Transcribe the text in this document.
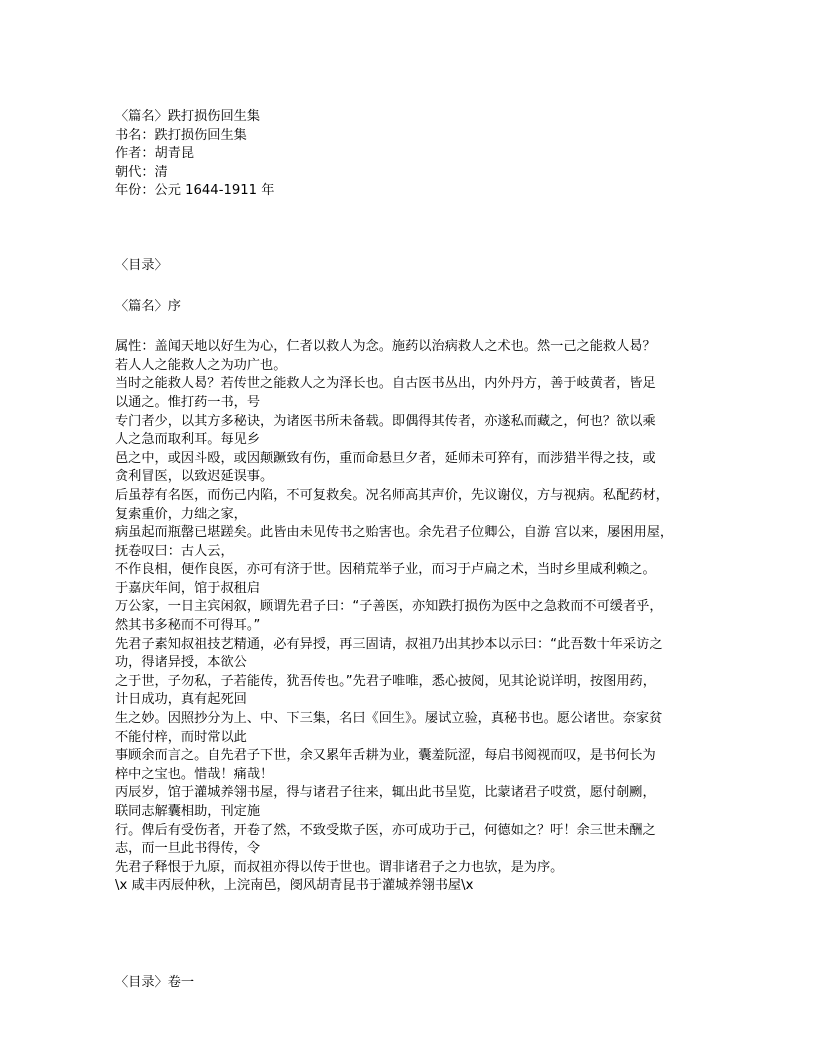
〈篇名〉跌打损伤回生集
书名：跌打损伤回生集
作者：胡青昆
朝代：清
年份：公元 1644-1911 年
〈目录〉
〈篇名〉序
属性：盖闻天地以好生为心，仁者以救人为念。施药以治病救人之术也。然一己之能救人曷？
若人人之能救人之为功广也。
当时之能救人曷？若传世之能救人之为泽长也。自古医书丛出，内外丹方，善于岐黄者，皆足
以通之。惟打药一书，号
专门者少，以其方多秘诀，为诸医书所未备载。即偶得其传者，亦遂私而藏之，何也？欲以乘
人之急而取利耳。每见乡
邑之中，或因斗殴，或因颠蹶致有伤，重而命悬旦夕者，延师未可猝有，而涉猎半得之技，或
贪利冒医，以致迟延误事。
后虽荐有名医，而伤己内陷，不可复救矣。况名师高其声价，先议谢仪，方与视病。私配药材，
复索重价，力绌之家，
病虽起而瓶罄已堪蹉矣。此皆由未见传书之贻害也。余先君子位卿公，自游 宫以来，屡困用屋，
抚卷叹曰：古人云，
不作良相，便作良医，亦可有济于世。因稍荒举子业，而习于卢扁之术，当时乡里咸利赖之。
于嘉庆年间，馆于叔租启
万公家，一日主宾闲叙，顾谓先君子曰：“子善医，亦知跌打损伤为医中之急救而不可缓者乎，
然其书多秘而不可得耳。”
先君子素知叔祖技艺精通，必有异授，再三固请，叔祖乃出其抄本以示曰：“此吾数十年采访之
功，得诸异授，本欲公
之于世，子勿私，子若能传，犹吾传也。”先君子唯唯，悉心披阅，见其论说详明，按图用药，
计日成功，真有起死回
生之妙。因照抄分为上、中、下三集，名曰《回生》。屡试立验，真秘书也。愿公诸世。奈家贫
不能付梓，而时常以此
事顾余而言之。自先君子下世，余又累年舌耕为业，囊羞阮涩，每启书阅视而叹，是书何长为
梓中之宝也。惜哉！痛哉！
丙辰岁，馆于灌城养翎书屋，得与诸君子往来，辄出此书呈览，比蒙诸君子哎赏，愿付剞劂，
联同志解囊相助，刊定施
行。俾后有受伤者，开卷了然，不致受欺子医，亦可成功于己，何德如之？吁！余三世未酬之
志，而一旦此书得传，令
先君子释恨于九原，而叔祖亦得以传于世也。谓非诸君子之力也欤，是为序。
\x 咸丰丙辰仲秋，上浣南邑，阌风胡青昆书于灌城养翎书屋\x
〈目录〉卷一
